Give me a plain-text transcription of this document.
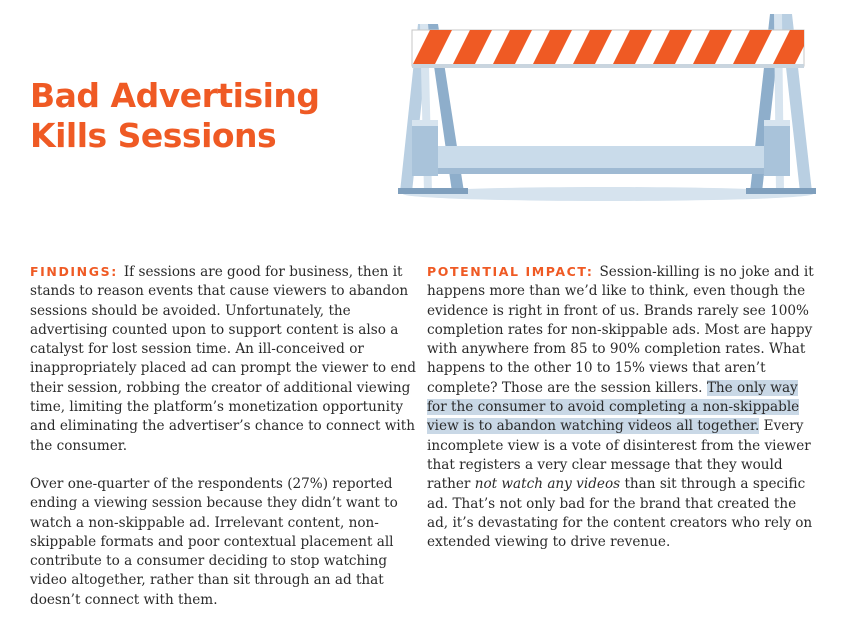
Bad Advertising
Kills Sessions

FINDINGS: If sessions are good for business, then it stands to reason events that cause viewers to abandon sessions should be avoided. Unfortunately, the advertising counted upon to support content is also a catalyst for lost session time. An ill-conceived or inappropriately placed ad can prompt the viewer to end their session, robbing the creator of additional viewing time, limiting the platform’s monetization opportunity and eliminating the advertiser’s chance to connect with the consumer.

Over one-quarter of the respondents (27%) reported ending a viewing session because they didn’t want to watch a non-skippable ad. Irrelevant content, non-skippable formats and poor contextual placement all contribute to a consumer deciding to stop watching video altogether, rather than sit through an ad that doesn’t connect with them.

POTENTIAL IMPACT: Session-killing is no joke and it happens more than we’d like to think, even though the evidence is right in front of us. Brands rarely see 100% completion rates for non-skippable ads. Most are happy with anywhere from 85 to 90% completion rates. What happens to the other 10 to 15% views that aren’t complete? Those are the session killers. The only way for the consumer to avoid completing a non-skippable view is to abandon watching videos all together. Every incomplete view is a vote of disinterest from the viewer that registers a very clear message that they would rather not watch any videos than sit through a specific ad. That’s not only bad for the brand that created the ad, it’s devastating for the content creators who rely on extended viewing to drive revenue.
